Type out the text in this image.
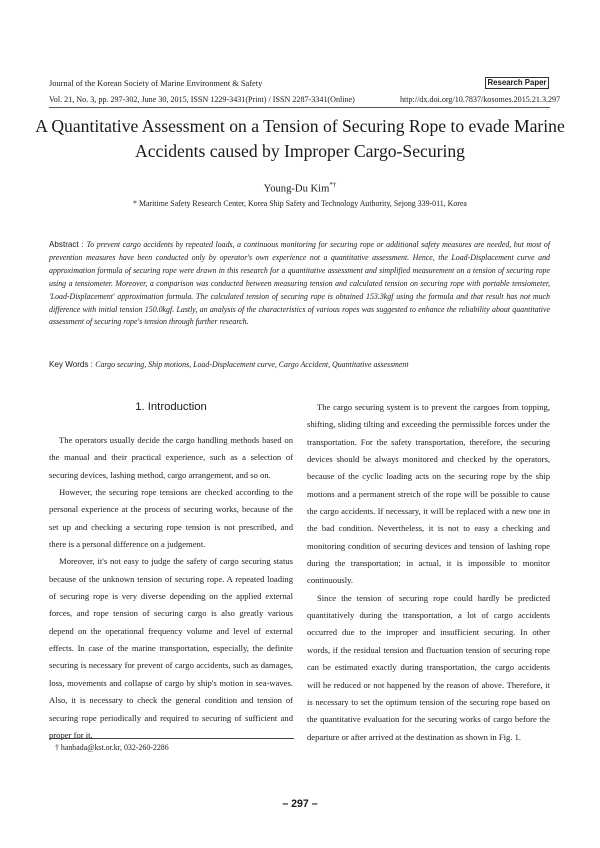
Journal of the Korean Society of Marine Environment & Safety	Research Paper
Vol. 21, No. 3, pp. 297-302, June 30, 2015, ISSN 1229-3431(Print) / ISSN 2287-3341(Online)	http://dx.doi.org/10.7837/kosomes.2015.21.3.297
A Quantitative Assessment on a Tension of Securing Rope to evade Marine
Accidents caused by Improper Cargo-Securing
Young-Du Kim*†
* Maritime Safety Research Center, Korea Ship Safety and Technology Authority, Sejong 339-011, Korea
Abstract : To prevent cargo accidents by repeated loads, a continuous monitoring for securing rope or additional safety measures are needed, but most of prevention measures have been conducted only by operator's own experience not a quantitative assessment. Hence, the Load-Displacement curve and approximation formula of securing rope were drawn in this research for a quantitative assessment and simplified measurement on a tension of securing rope using a tensiometer. Moreover, a comparison was conducted between measuring tension and calculated tension on securing rope with portable tensiometer, 'Load-Displacement' approximation formula. The calculated tension of securing rope is obtained 153.3kgf using the formula and that result has not much difference with initial tension 150.0kgf. Lastly, an analysis of the characteristics of various ropes was suggested to enhance the reliability about quantitative assessment of securing rope's tension through further research.
Key Words : Cargo securing, Ship motions, Load-Displacement curve, Cargo Accident, Quantitative assessment
1. Introduction

The operators usually decide the cargo handling methods based on the manual and their practical experience, such as a selection of securing devices, lashing method, cargo arrangement, and so on.

However, the securing rope tensions are checked according to the personal experience at the process of securing works, because of the set up and checking a securing rope tension is not prescribed, and there is a personal difference on a judgement.

Moreover, it's not easy to judge the safety of cargo securing status because of the unknown tension of securing rope. A repeated loading of securing rope is very diverse depending on the applied external forces, and rope tension of securing cargo is also greatly various depend on the operational frequency volume and level of external effects. In case of the marine transportation, especially, the definite securing is necessary for prevent of cargo accidents, such as damages, loss, movements and collapse of cargo by ship's motion in sea-waves. Also, it is necessary to check the general condition and tension of securing rope periodically and required to securing of sufficient and proper for it.

The cargo securing system is to prevent the cargoes from topping, shifting, sliding tilting and exceeding the permissible forces under the transportation. For the safety transportation, therefore, the securing devices should be always monitored and checked by the operators, because of the cyclic loading acts on the securing rope by the ship motions and a permanent stretch of the rope will be possible to cause the cargo accidents. If necessary, it will be replaced with a new one in the bad condition. Nevertheless, it is not to easy a checking and monitoring condition of securing devices and tension of lashing rope during the transportation; in actual, it is impossible to monitor continuously.

Since the tension of securing rope could hardly be predicted quantitatively during the transportation, a lot of cargo accidents occurred due to the improper and insufficient securing. In other words, if the residual tension and fluctuation tension of securing rope can be estimated exactly during transportation, the cargo accidents will be reduced or not happened by the reason of above. Therefore, it is necessary to set the optimum tension of the securing rope based on the quantitative evaluation for the securing works of cargo before the departure or after arrived at the destination as shown in Fig. 1.

† hanbada@kst.or.kr, 032-260-2286
– 297 –
